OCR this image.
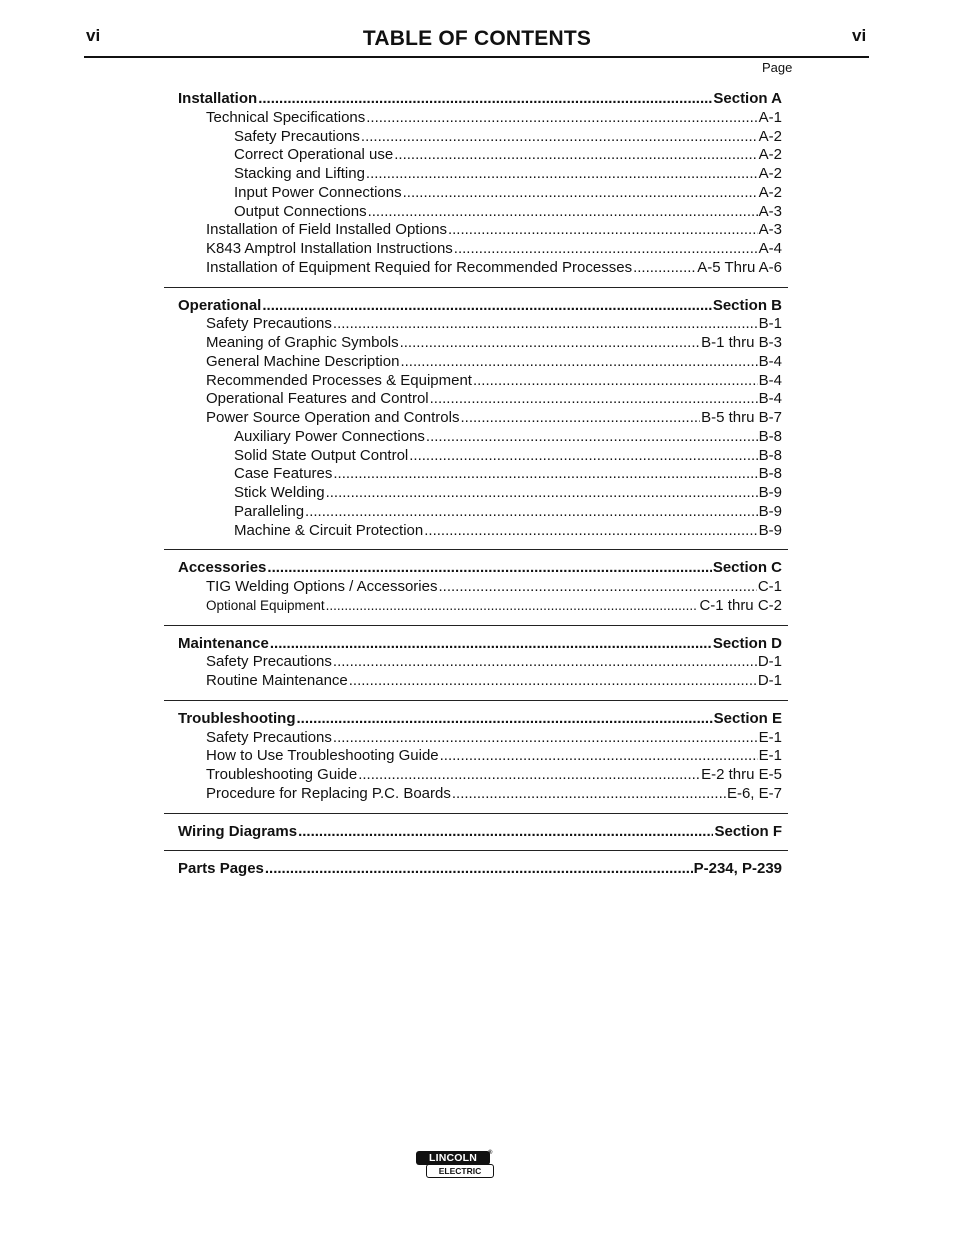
vi	TABLE OF CONTENTS	vi
Page
Installation .....	Section A
Technical Specifications .....	A-1
Safety Precautions .....	A-2
Correct Operational use .....	A-2
Stacking and Lifting .....	A-2
Input Power Connections .....	A-2
Output Connections .....	A-3
Installation of Field Installed Options .....	A-3
K843 Amptrol Installation Instructions .....	A-4
Installation of Equipment Requied for Recommended Processes .....	A-5 Thru A-6
Operational .....	Section B
Safety Precautions .....	B-1
Meaning of Graphic Symbols .....	B-1 thru B-3
General Machine Description .....	B-4
Recommended Processes & Equipment .....	B-4
Operational Features and Control .....	B-4
Power Source Operation and Controls .....	B-5 thru B-7
Auxiliary Power Connections .....	B-8
Solid State Output Control .....	B-8
Case Features .....	B-8
Stick Welding .....	B-9
Paralleling .....	B-9
Machine & Circuit Protection .....	B-9
Accessories .....	Section C
TIG Welding Options / Accessories .....	C-1
Optional Equipment .....	C-1 thru C-2
Maintenance .....	Section D
Safety Precautions .....	D-1
Routine Maintenance .....	D-1
Troubleshooting .....	Section E
Safety Precautions .....	E-1
How to Use Troubleshooting Guide .....	E-1
Troubleshooting Guide .....	E-2 thru E-5
Procedure for Replacing P.C. Boards .....	E-6, E-7
Wiring Diagrams .....	Section F
Parts Pages .....	P-234, P-239
LINCOLN	®
ELECTRIC
